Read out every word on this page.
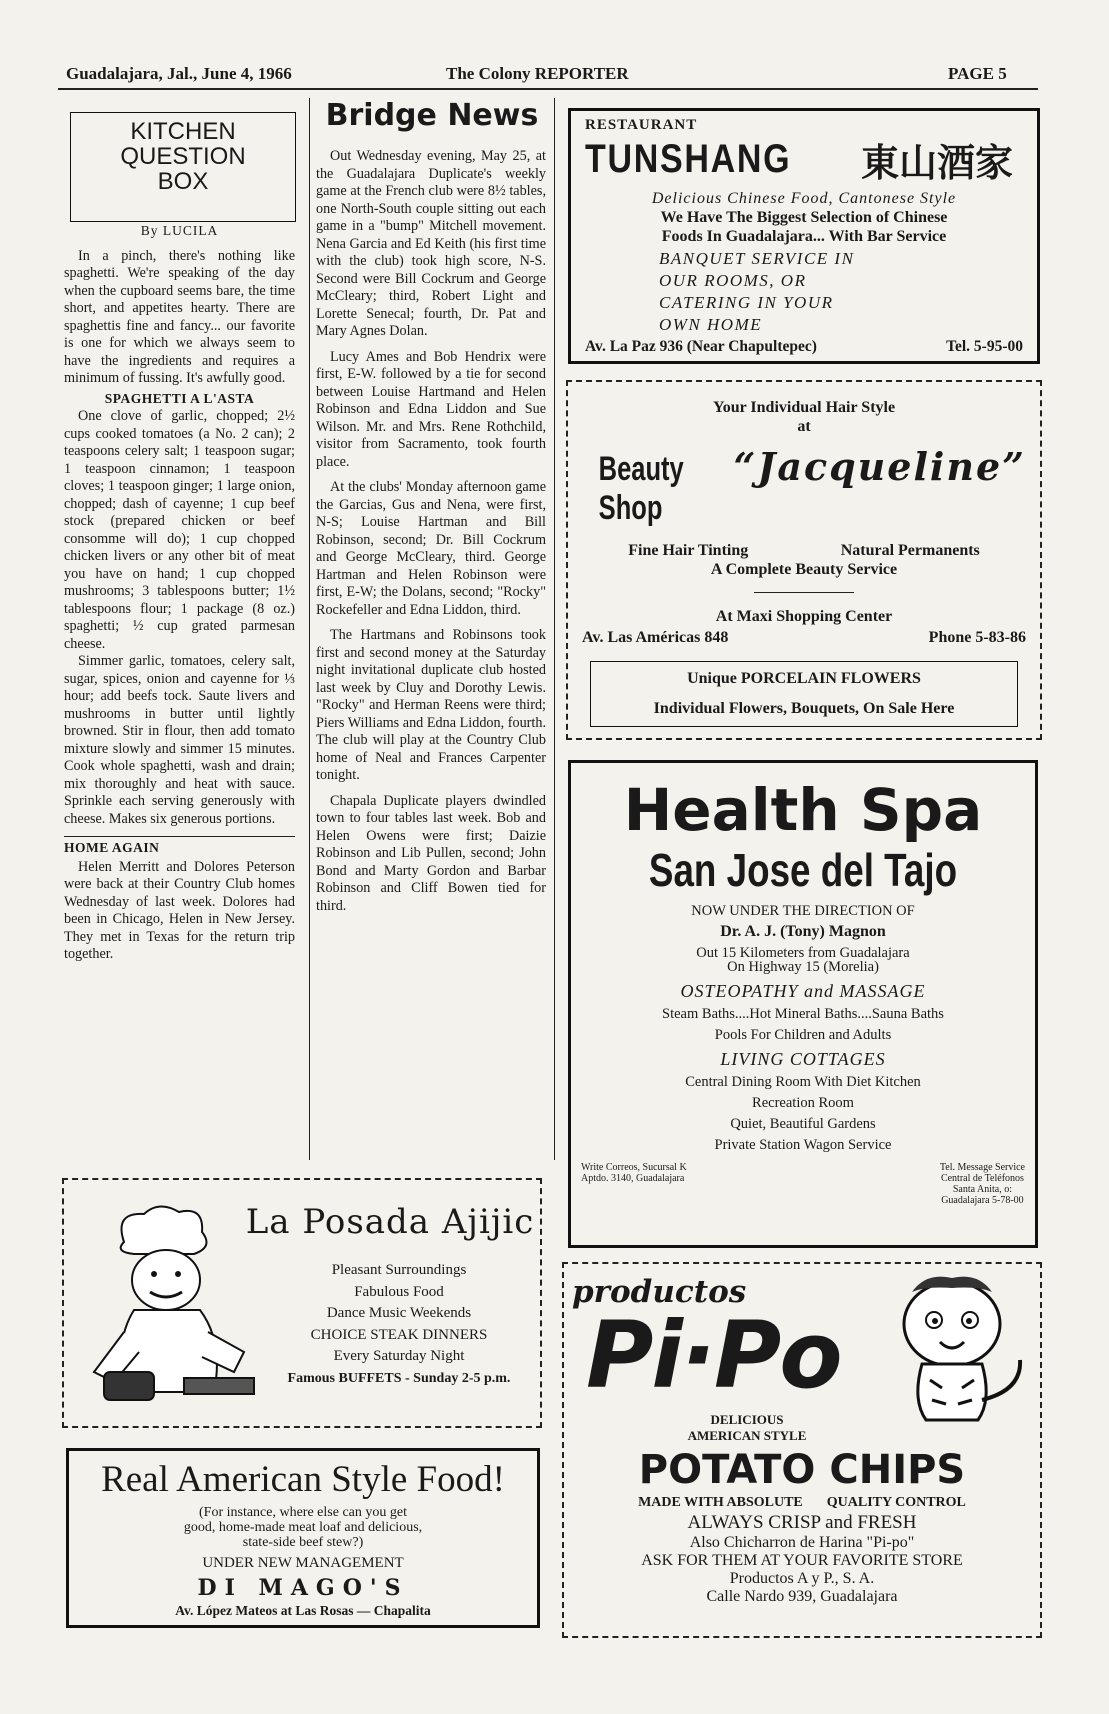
Guadalajara, Jal., June 4, 1966	The Colony REPORTER	PAGE 5
KITCHEN
QUESTION
BOX
By LUCILA

In a pinch, there's nothing like spaghetti. We're speaking of the day when the cupboard seems bare, the time short, and appetites hearty. There are spaghettis fine and fancy... our favorite is one for which we always seem to have the ingredients and requires a minimum of fussing. It's awfully good.

SPAGHETTI A L'ASTA

One clove of garlic, chopped; 2½ cups cooked tomatoes (a No. 2 can); 2 teaspoons celery salt; 1 teaspoon sugar; 1 teaspoon cinnamon; 1 teaspoon cloves; 1 teaspoon ginger; 1 large onion, chopped; dash of cayenne; 1 cup beef stock (prepared chicken or beef consomme will do); 1 cup chopped chicken livers or any other bit of meat you have on hand; 1 cup chopped mushrooms; 3 tablespoons butter; 1½ tablespoons flour; 1 package (8 oz.) spaghetti; ½ cup grated parmesan cheese.

Simmer garlic, tomatoes, celery salt, sugar, spices, onion and cayenne for ⅓ hour; add beefs tock. Saute livers and mushrooms in butter until lightly browned. Stir in flour, then add tomato mixture slowly and simmer 15 minutes. Cook whole spaghetti, wash and drain; mix thoroughly and heat with sauce. Sprinkle each serving generously with cheese. Makes six generous portions.

HOME AGAIN

Helen Merritt and Dolores Peterson were back at their Country Club homes Wednesday of last week. Dolores had been in Chicago, Helen in New Jersey. They met in Texas for the return trip together.

Bridge News

Out Wednesday evening, May 25, at the Guadalajara Duplicate's weekly game at the French club were 8½ tables, one North-South couple sitting out each game in a "bump" Mitchell movement. Nena Garcia and Ed Keith (his first time with the club) took high score, N-S. Second were Bill Cockrum and George McCleary; third, Robert Light and Lorette Senecal; fourth, Dr. Pat and Mary Agnes Dolan.

Lucy Ames and Bob Hendrix were first, E-W. followed by a tie for second between Louise Hartmand and Helen Robinson and Edna Liddon and Sue Wilson. Mr. and Mrs. Rene Rothchild, visitor from Sacramento, took fourth place.

At the clubs' Monday afternoon game the Garcias, Gus and Nena, were first, N-S; Louise Hartman and Bill Robinson, second; Dr. Bill Cockrum and George McCleary, third. George Hartman and Helen Robinson were first, E-W; the Dolans, second; "Rocky" Rockefeller and Edna Liddon, third.

The Hartmans and Robinsons took first and second money at the Saturday night invitational duplicate club hosted last week by Cluy and Dorothy Lewis. "Rocky" and Herman Reens were third; Piers Williams and Edna Liddon, fourth. The club will play at the Country Club home of Neal and Frances Carpenter tonight.

Chapala Duplicate players dwindled town to four tables last week. Bob and Helen Owens were first; Daizie Robinson and Lib Pullen, second; John Bond and Marty Gordon and Barbar Robinson and Cliff Bowen tied for third.

RESTAURANT
TUNSHANG 東山酒家
Delicious Chinese Food, Cantonese Style
We Have The Biggest Selection of Chinese
Foods In Guadalajara... With Bar Service
BANQUET SERVICE IN
OUR ROOMS, OR
CATERING IN YOUR
OWN HOME
Av. La Paz 936 (Near Chapultepec)	Tel. 5-95-00
Your Individual Hair Style
at
Beauty Shop
“Jacqueline”
Fine Hair Tinting	Natural Permanents
A Complete Beauty Service
At Maxi Shopping Center
Av. Las Américas 848	Phone 5-83-86
Unique PORCELAIN FLOWERS
Individual Flowers, Bouquets, On Sale Here
Health Spa
San Jose del Tajo
NOW UNDER THE DIRECTION OF
Dr. A. J. (Tony) Magnon
Out 15 Kilometers from Guadalajara
On Highway 15 (Morelia)
OSTEOPATHY and MASSAGE
Steam Baths....Hot Mineral Baths....Sauna Baths
Pools For Children and Adults
LIVING COTTAGES
Central Dining Room With Diet Kitchen
Recreation Room
Quiet, Beautiful Gardens
Private Station Wagon Service
Write Correos, Sucursal K
Aptdo. 3140, Guadalajara
Tel. Message Service
Central de Teléfonos
Santa Anita, o:
Guadalajara 5-78-00
La Posada Ajijic
Pleasant Surroundings
Fabulous Food
Dance Music Weekends
CHOICE STEAK DINNERS
Every Saturday Night
Famous BUFFETS - Sunday 2-5 p.m.
Real American Style Food!
(For instance, where else can you get
good, home-made meat loaf and delicious,
state-side beef stew?)
UNDER NEW MANAGEMENT
DI MAGO'S
Av. López Mateos at Las Rosas — Chapalita
productos
Pi·Po
DELICIOUS
AMERICAN STYLE
POTATO CHIPS
MADE WITH ABSOLUTE QUALITY CONTROL
ALWAYS CRISP and FRESH
Also Chicharron de Harina "Pi-po"
ASK FOR THEM AT YOUR FAVORITE STORE
Productos A y P., S. A.
Calle Nardo 939, Guadalajara
